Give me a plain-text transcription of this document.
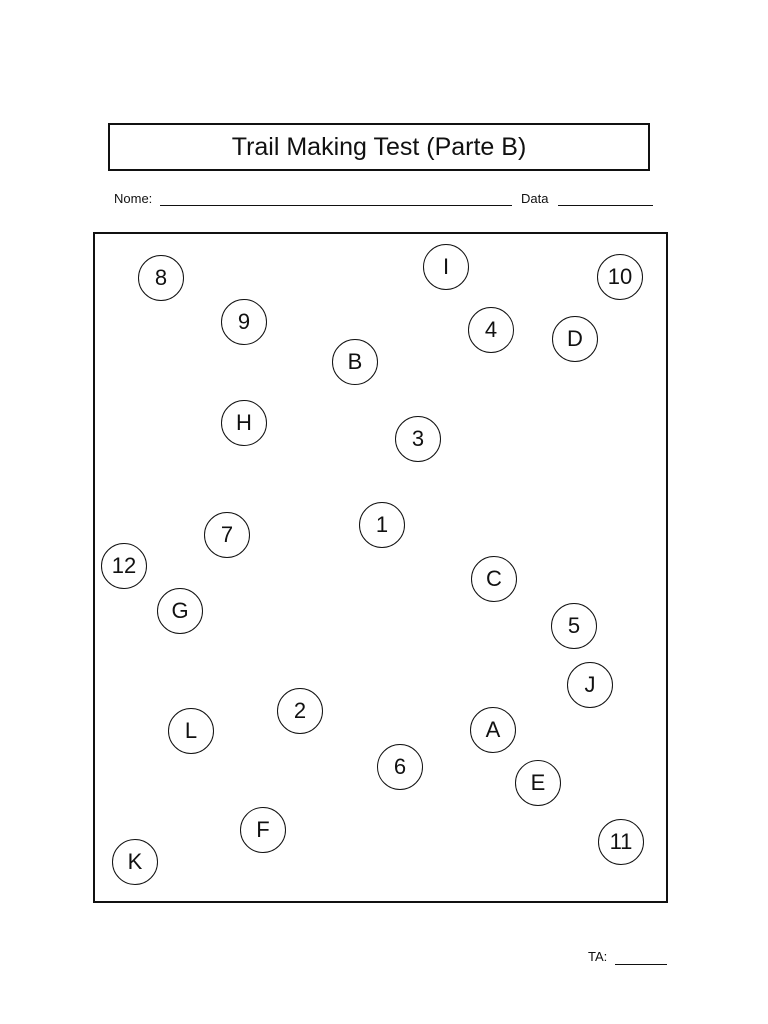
Trail Making Test (Parte B)
Nome:	Data
8	I	10
9	4	D
B
H
3
1
7
12
C
G
5
J
2
L	A
6
E
F	11
K
TA:
